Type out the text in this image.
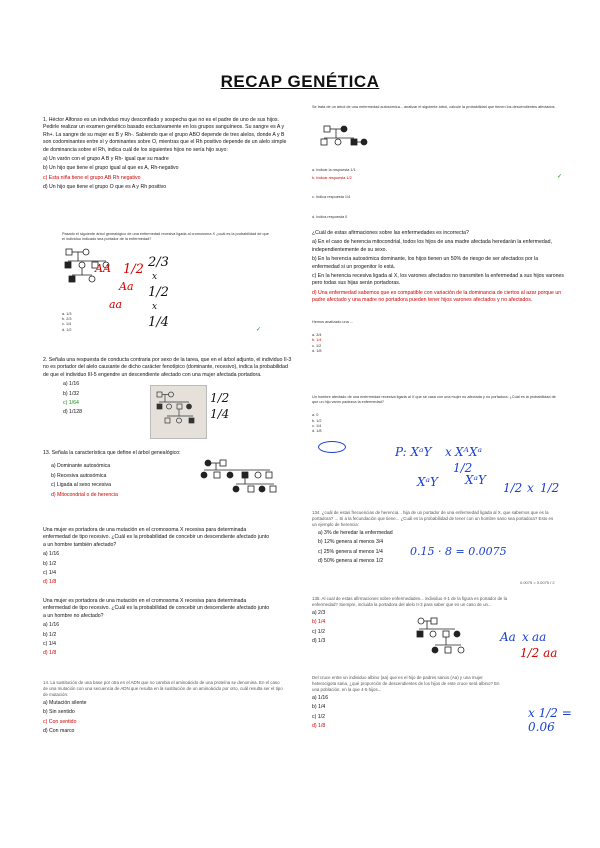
RECAP GENÉTICA

1. Héctor Alfonso es un individuo muy desconfiado y sospecha que no es el padre de uno de sus hijos. Pedirle realizar un examen genético basado exclusivamente en los grupos sanguíneos. Su sangre es A y Rh+. La sangre de su mujer es B y Rh-. Sabiendo que el grupo ABO depende de tres alelos, donde A y B son codominantes entre sí y dominantes sobre O, mientras que el Rh positivo depende de un alelo simple de dominancia sobre el Rh, indica cuál de los siguientes hijos no sería hijo suyo:

a) Un varón con el grupo A B y Rh- igual que su madre

b) Un hijo que tiene el grupo igual al que es A, Rh-negativo

c) Esta niña tiene el grupo AB Rh negativo

d) Un hijo que tiene el grupo O que es A y Rh positivo

Pasado el siguiente árbol genealógico de una enfermedad recesiva ligada al cromosoma X ¿cuál es la probabilidad de que el individuo indicado sea portador de la enfermedad?
AA 1/2
Aa
aa
2/3
x
1/2
x
1/4
a. 1/3
b. 2/3
c. 1/4
d. 1/2	✓

2. Señala una respuesta de conducta contraria por sexo de la tarea, que en el árbol adjunto, el individuo II-3 no es portador del alelo causante de dicho carácter fenotípico (dominante, recesivo), indica la probabilidad de que el individuo III-5 engendre un descendiente afectado con una mujer afectada portadora.

a) 1/16

b) 1/32

c) 1/64

d) 1/128

1/2
1/4

13. Señala la característica que define el árbol genealógico:

a) Dominante autosómica

b) Recesiva autosómica

c) Ligada al sexo recesiva

d) Mitocondrial o de herencia

Una mujer es portadora de una mutación en el cromosoma X recesiva para determinada enfermedad de tipo recesivo. ¿Cuál es la probabilidad de concebir un descendiente afectado junto a un hombre también afectado?

a) 1/16

b) 1/2

c) 1/4

d) 1/8

Una mujer es portadora de una mutación en el cromosoma X recesiva para determinada enfermedad de tipo recesivo. ¿Cuál es la probabilidad de concebir un descendiente afectado junto a un hombre no afectado?

a) 1/16

b) 1/2

c) 1/4

d) 1/8

14. La sustitución de una base por otra en el ADN que no cambia el aminoácido de una proteína se denomina. En el caso de una mutación con una secuencia de ADN que resulta en la sustitución de un aminoácido por otro, cuál resulta ser el tipo de mutación:

a) Mutación silente

b) Sin sentido

c) Con sentido

d) Con marco

Se trata de un árbol de una enfermedad autosómica... analizar el siguiente árbol, calcule la probabilidad que tienen los descendientes afectados.
a. Indicar la respuesta 1/1
b. Indicar respuesta 1/2
c. Indica respuesta 1/4
d. Indica respuesta 0
✓

¿Cuál de estas afirmaciones sobre las enfermedades es incorrecta?

a) En el caso de herencia mitocondrial, todos los hijos de una madre afectada heredarán la enfermedad, independientemente de su sexo.

b) En la herencia autosómica dominante, los hijos tienen un 50% de riesgo de ser afectados por la enfermedad si un progenitor lo está.

c) En la herencia recesiva ligada al X, los varones afectados no transmiten la enfermedad a sus hijos varones pero todas sus hijas serán portadoras.

d) Una enfermedad sabemos que es compatible con variación de la dominancia de ciertos al azar porque un padre afectado y una madre no portadora pueden tener hijos varones afectados y no afectados.

Hemos analizado una ...
a. 3/4
b. 1/4
c. 1/2
d. 1/8
Un hombre afectado de una enfermedad recesiva ligada al X que se casa con una mujer no afectada y no portadora. ¿Cuál es la probabilidad de que un hijo varón padezca la enfermedad?
a. 0
b. 1/2
c. 1/4
d. 1/8
P: XᵃY x XᴬXᵃ
1/2
XᵃY XᵃY
1/2 x 1/2

134. ¿cuál de estas frecuencias de herencia... hija de un portador de una enfermedad ligada al X, que sabemos que es la portadora? ... Si a la fecundación que tiene... ¿Cuál es la probabilidad de tener con un hombre sano sea portadora? Esto es un ejemplo de herencia:

a) 3% de heredar la enfermedad

b) 12% genera al menos 3/4

c) 25% genera al menos 1/4

d) 50% genera al menos 1/2

0.15 · 8 = 0.0075
0.0075 = 0.0075 / 2

135. Al cual de estas afirmaciones sobre enfermedades... individuo II-1 de la figura es portador de la enfermedad? Siempre, incluida la portadora del alelo II-3 para saber que es un caso de un...

a) 2/3

b) 1/4

c) 1/2

d) 1/3	Aa x aa
1/2 aa
x 1/2 = 0.06

Del cruce entre un individuo albino (aa) que es el hijo de padres sanos (Aa) y una mujer heterocigota sana, ¿qué proporción de descendientes de los hijos de este cruce será albino? En una población, en la que 4-5 hijos...

a) 1/16

b) 1/4

c) 1/2

d) 1/8
